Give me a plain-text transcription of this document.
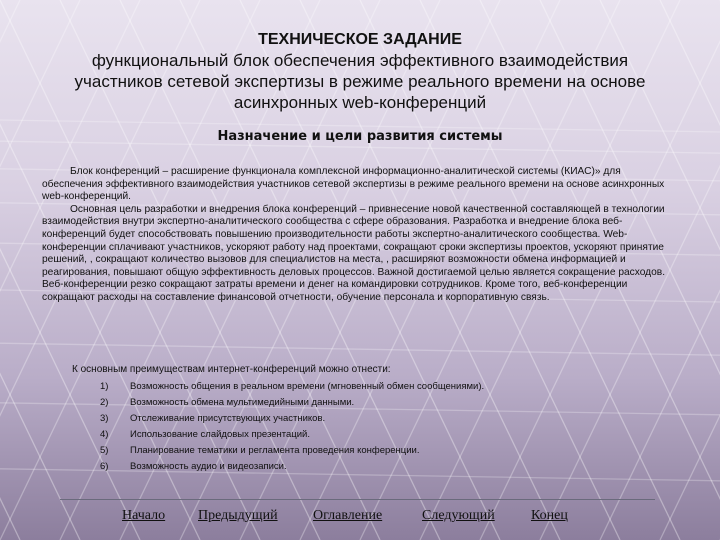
ТЕХНИЧЕСКОЕ ЗАДАНИЕ
функциональный блок обеспечения эффективного взаимодействия
участников сетевой экспертизы в режиме реального времени на основе
асинхронных web-конференций
Назначение и цели развития системы

Блок конференций – расширение функционала комплексной информационно-аналитической системы (КИАС)» для обеспечения эффективного взаимодействия участников сетевой экспертизы в режиме реального времени на основе асинхронных web-конференций.

Основная цель разработки и внедрения блока конференций – привнесение новой качественной составляющей в технологии взаимодействия внутри экспертно-аналитического сообщества с сфере образования. Разработка и внедрение блока веб-конференций будет способствовать повышению производительности работы экспертно-аналитического сообщества. Web-конференции сплачивают участников, ускоряют работу над проектами, сокращают сроки экспертизы проектов, ускоряют принятие решений, , сокращают количество вызовов для специалистов на места, , расширяют возможности обмена информацией и реагирования, повышают общую эффективность деловых процессов. Важной достигаемой целью является сокращение расходов. Веб-конференции резко сокращают затраты времени и денег на командировки сотрудников. Кроме того, веб-конференции сокращают расходы на составление финансовой отчетности, обучение персонала и корпоративную связь.

К основным преимуществам интернет-конференций можно отнести:
1)	Возможность общения в реальном времени (мгновенный обмен сообщениями).
2)	Возможность обмена мультимедийными данными.
3)	Отслеживание присутствующих участников.
4)	Использование слайдовых презентаций.
5)	Планирование тематики и регламента проведения конференции.
6)	Возможность аудио и видеозаписи.
Начало Предыдущий	Оглавление	Следующий	Конец
